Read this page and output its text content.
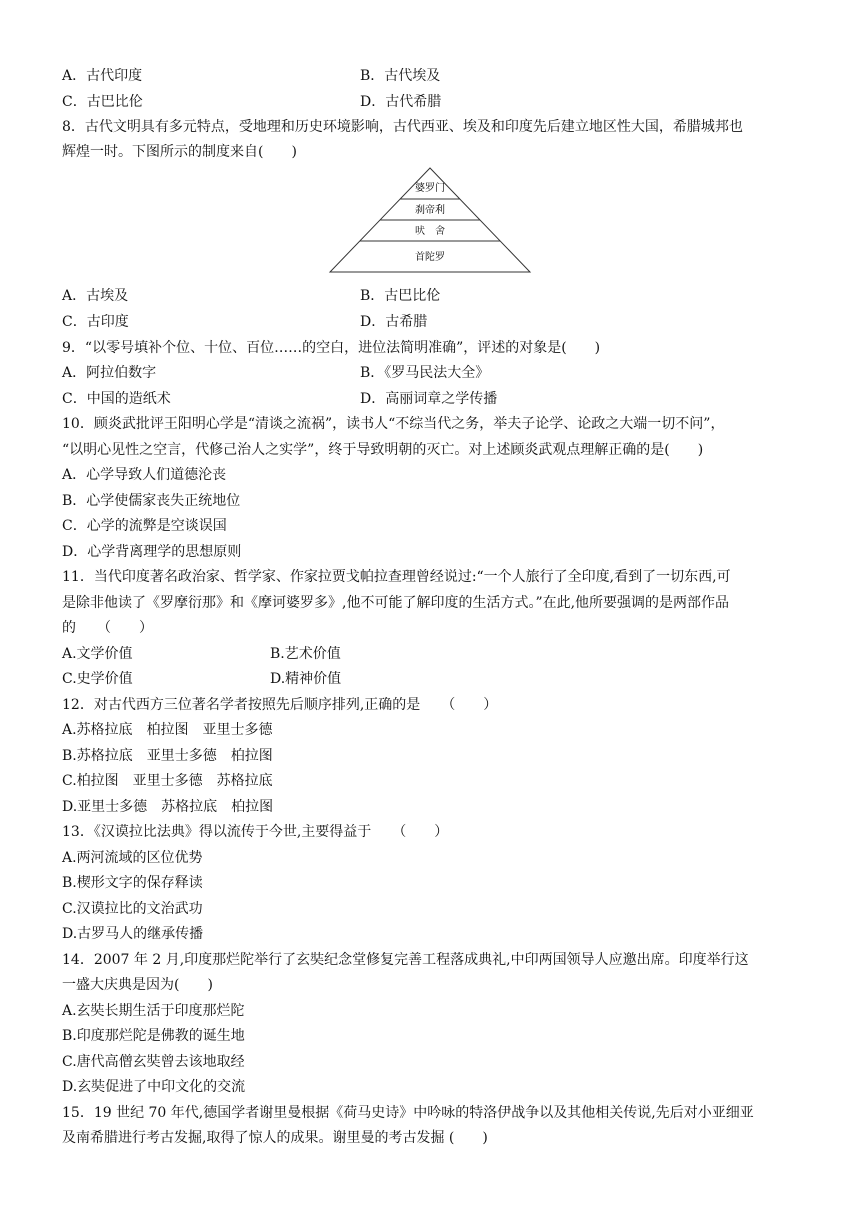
A．古代印度	B．古代埃及
C．古巴比伦	D．古代希腊
8．古代文明具有多元特点，受地理和历史环境影响，古代西亚、埃及和印度先后建立地区性大国，希腊城邦也
辉煌一时。下图所示的制度来自(　　)
婆罗门
刹帝利
吠　舍
首陀罗
A．古埃及	B．古巴比伦
C．古印度	D．古希腊
9．“以零号填补个位、十位、百位……的空白，进位法简明准确”，评述的对象是(　　)
A．阿拉伯数字	B．《罗马民法大全》
C．中国的造纸术	D．高丽词章之学传播
10．顾炎武批评王阳明心学是“清谈之流祸”，读书人“不综当代之务，举夫子论学、论政之大端一切不问”，
“以明心见性之空言，代修己治人之实学”，终于导致明朝的灭亡。对上述顾炎武观点理解正确的是(　　)
A．心学导致人们道德沦丧
B．心学使儒家丧失正统地位
C．心学的流弊是空谈误国
D．心学背离理学的思想原则
11．当代印度著名政治家、哲学家、作家拉贾戈帕拉查理曾经说过:“一个人旅行了全印度,看到了一切东西,可
是除非他读了《罗摩衍那》和《摩诃婆罗多》,他不可能了解印度的生活方式。”在此,他所要强调的是两部作品
的　　（　　）
A.文学价值	B.艺术价值
C.史学价值	D.精神价值
12．对古代西方三位著名学者按照先后顺序排列,正确的是　　（　　）
A.苏格拉底　柏拉图　亚里士多德
B.苏格拉底　亚里士多德　柏拉图
C.柏拉图　亚里士多德　苏格拉底
D.亚里士多德　苏格拉底　柏拉图
13．《汉谟拉比法典》得以流传于今世,主要得益于　　（　　）
A.两河流域的区位优势
B.楔形文字的保存释读
C.汉谟拉比的文治武功
D.古罗马人的继承传播
14．2007 年 2 月,印度那烂陀举行了玄奘纪念堂修复完善工程落成典礼,中印两国领导人应邀出席。印度举行这
一盛大庆典是因为(　　)
A.玄奘长期生活于印度那烂陀
B.印度那烂陀是佛教的诞生地
C.唐代高僧玄奘曾去该地取经
D.玄奘促进了中印文化的交流
15．19 世纪 70 年代,德国学者谢里曼根据《荷马史诗》中吟咏的特洛伊战争以及其他相关传说,先后对小亚细亚
及南希腊进行考古发掘,取得了惊人的成果。谢里曼的考古发掘 (　　)
